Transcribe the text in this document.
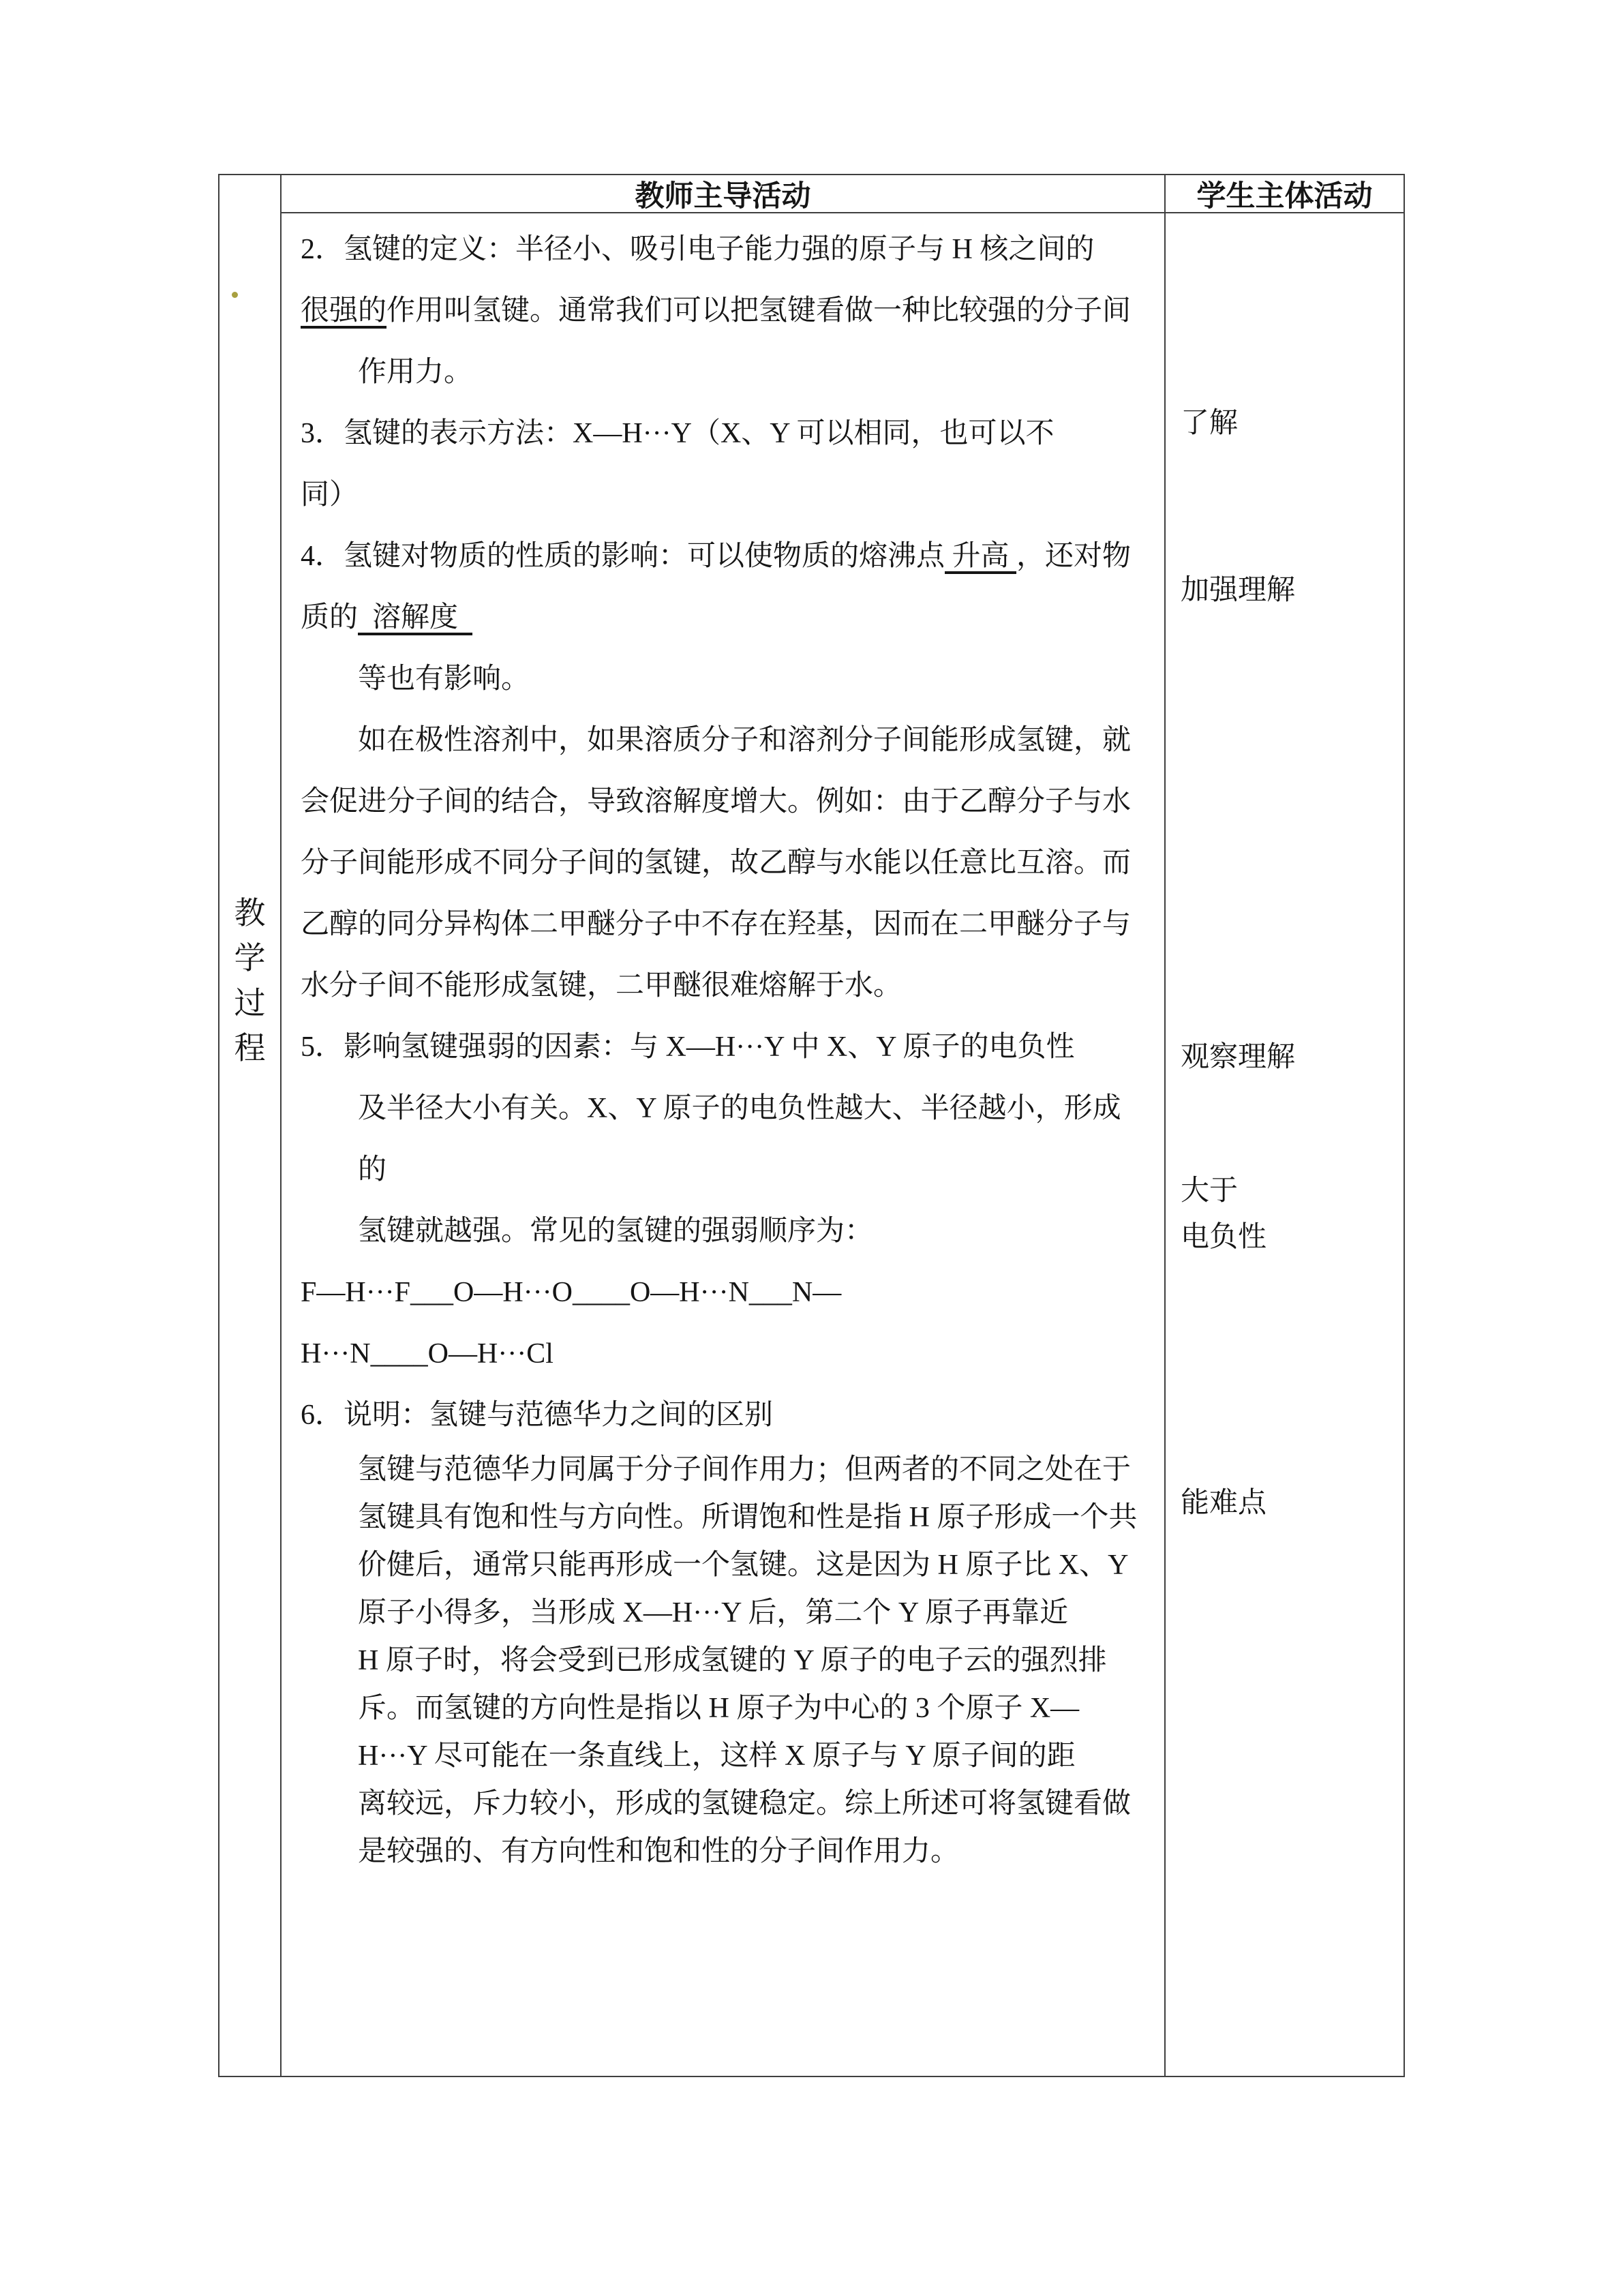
教
学
过
程
教师主导活动
2．氢键的定义：半径小、吸引电子能力强的原子与 H 核之间的
很强的作用叫氢键。通常我们可以把氢键看做一种比较强的分子间
作用力。
3．氢键的表示方法：X—H···Y（X、Y 可以相同，也可以不
同）
4．氢键对物质的性质的影响：可以使物质的熔沸点 升高 ，还对物
质的  溶解度
等也有影响。
如在极性溶剂中，如果溶质分子和溶剂分子间能形成氢键，就
会促进分子间的结合，导致溶解度增大。例如：由于乙醇分子与水
分子间能形成不同分子间的氢键，故乙醇与水能以任意比互溶。而
乙醇的同分异构体二甲醚分子中不存在羟基，因而在二甲醚分子与
水分子间不能形成氢键，二甲醚很难熔解于水。
5．影响氢键强弱的因素：与 X—H···Y 中 X、Y 原子的电负性
及半径大小有关。X、Y 原子的电负性越大、半径越小，形成的
氢键就越强。常见的氢键的强弱顺序为：
F—H···F___O—H···O____O—H···N___N—
H···N____O—H···Cl
6．说明：氢键与范德华力之间的区别
氢键与范德华力同属于分子间作用力；但两者的不同之处在于
氢键具有饱和性与方向性。所谓饱和性是指 H 原子形成一个共
价健后，通常只能再形成一个氢键。这是因为 H 原子比 X、Y
原子小得多，当形成 X—H···Y 后，第二个 Y 原子再靠近
H 原子时，将会受到已形成氢键的 Y 原子的电子云的强烈排
斥。而氢键的方向性是指以 H 原子为中心的 3 个原子 X—
H···Y 尽可能在一条直线上，这样 X 原子与 Y 原子间的距
离较远，斥力较小，形成的氢键稳定。综上所述可将氢键看做
是较强的、有方向性和饱和性的分子间作用力。
学生主体活动
了解
加强理解
观察理解
大于
电负性
能难点
